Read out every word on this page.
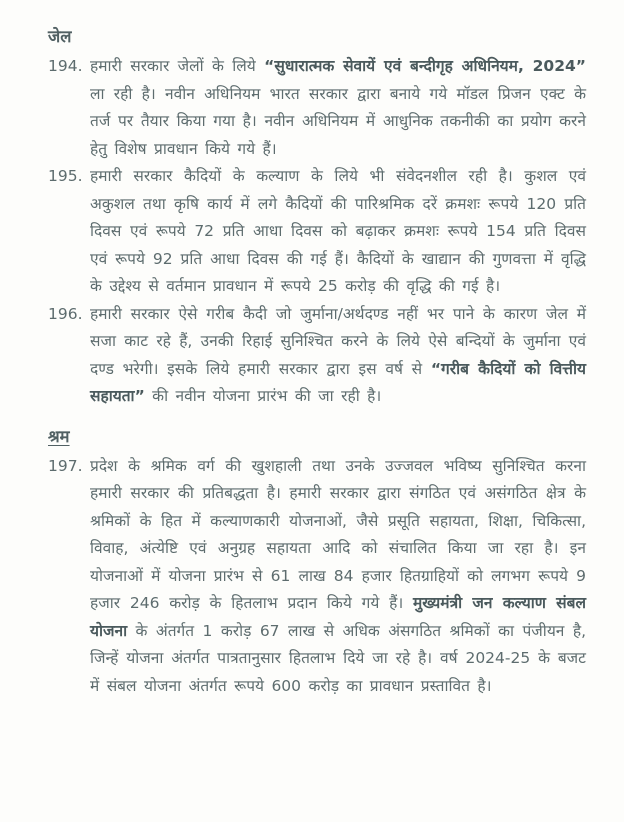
जेल
194. हमारी सरकार जेलों के लिये “सुधारात्मक सेवायें एवं बन्दीगृह अधिनियम, 2024” ला रही है। नवीन अधिनियम भारत सरकार द्वारा बनाये गये मॉडल प्रिजन एक्ट के तर्ज पर तैयार किया गया है। नवीन अधिनियम में आधुनिक तकनीकी का प्रयोग करने हेतु विशेष प्रावधान किये गये हैं।
195. हमारी सरकार कैदियों के कल्याण के लिये भी संवेदनशील रही है। कुशल एवं अकुशल तथा कृषि कार्य में लगे कैदियों की पारिश्रमिक दरें क्रमशः रूपये 120 प्रति दिवस एवं रूपये 72 प्रति आधा दिवस को बढ़ाकर क्रमशः रूपये 154 प्रति दिवस एवं रूपये 92 प्रति आधा दिवस की गई हैं। कैदियों के खाद्यान की गुणवत्ता में वृद्धि के उद्देश्य से वर्तमान प्रावधान में रूपये 25 करोड़ की वृद्धि की गई है।
196. हमारी सरकार ऐसे गरीब कैदी जो जुर्माना/अर्थदण्ड नहीं भर पाने के कारण जेल में सजा काट रहे हैं, उनकी रिहाई सुनिश्चित करने के लिये ऐसे बन्दियों के जुर्माना एवं दण्ड भरेगी। इसके लिये हमारी सरकार द्वारा इस वर्ष से “गरीब कैदियों को वित्तीय सहायता” की नवीन योजना प्रारंभ की जा रही है।
श्रम
197. प्रदेश के श्रमिक वर्ग की खुशहाली तथा उनके उज्जवल भविष्य सुनिश्चित करना हमारी सरकार की प्रतिबद्धता है। हमारी सरकार द्वारा संगठित एवं असंगठित क्षेत्र के श्रमिकों के हित में कल्याणकारी योजनाओं, जैसे प्रसूति सहायता, शिक्षा, चिकित्सा, विवाह, अंत्येष्टि एवं अनुग्रह सहायता आदि को संचालित किया जा रहा है। इन योजनाओं में योजना प्रारंभ से 61 लाख 84 हजार हितग्राहियों को लगभग रूपये 9 हजार 246 करोड़ के हितलाभ प्रदान किये गये हैं। मुख्यमंत्री जन कल्याण संबल योजना के अंतर्गत 1 करोड़ 67 लाख से अधिक अंसगठित श्रमिकों का पंजीयन है, जिन्हें योजना अंतर्गत पात्रतानुसार हितलाभ दिये जा रहे है। वर्ष 2024-25 के बजट में संबल योजना अंतर्गत रूपये 600 करोड़ का प्रावधान प्रस्तावित है।
